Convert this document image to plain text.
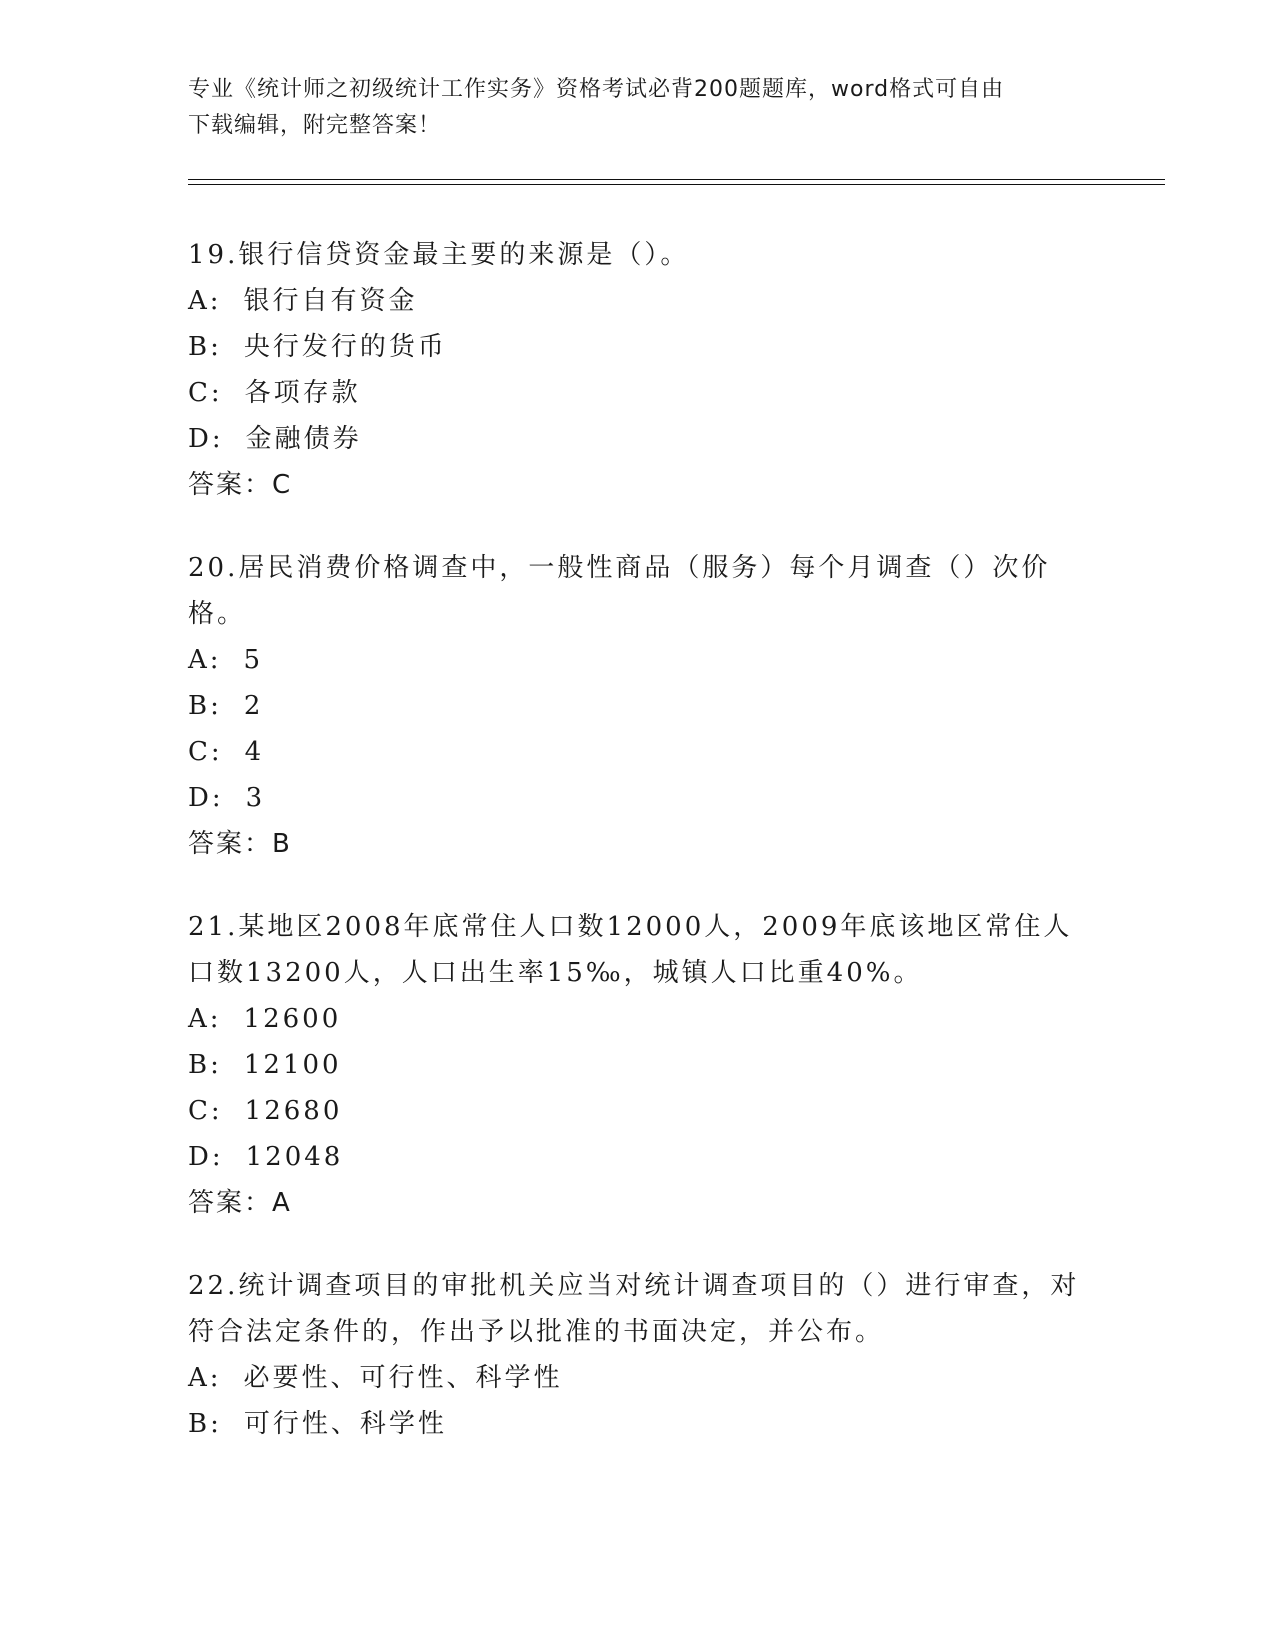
专业《统计师之初级统计工作实务》资格考试必背200题题库，word格式可自由
下载编辑，附完整答案！

19.银行信贷资金最主要的来源是（）。

A: 银行自有资金

B: 央行发行的货币

C: 各项存款

D: 金融债券

答案：C

20.居民消费价格调查中，一般性商品（服务）每个月调查（）次价格。

A: 5

B: 2

C: 4

D: 3

答案：B

21.某地区2008年底常住人口数12000人，2009年底该地区常住人口数13200人，人口出生率15‰，城镇人口比重40%。

A: 12600

B: 12100

C: 12680

D: 12048

答案：A

22.统计调查项目的审批机关应当对统计调查项目的（）进行审查，对符合法定条件的，作出予以批准的书面决定，并公布。

A: 必要性、可行性、科学性

B: 可行性、科学性
